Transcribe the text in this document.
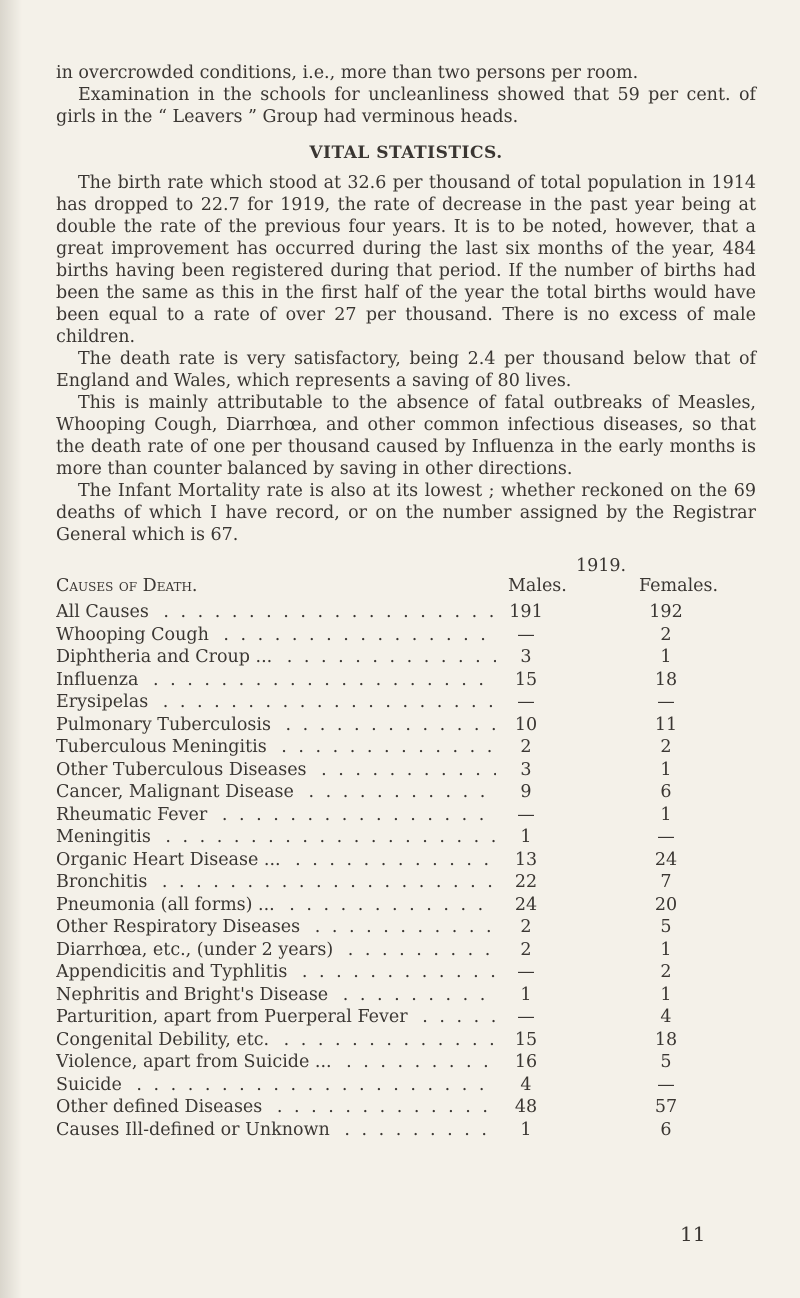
in overcrowded conditions, i.e., more than two persons per room.

Examination in the schools for uncleanliness showed that 59 per cent. of girls in the “ Leavers ” Group had verminous heads.

VITAL STATISTICS.

The birth rate which stood at 32.6 per thousand of total population in 1914 has dropped to 22.7 for 1919, the rate of decrease in the past year being at double the rate of the previous four years. It is to be noted, however, that a great improvement has occurred during the last six months of the year, 484 births having been registered during that period. If the number of births had been the same as this in the first half of the year the total births would have been equal to a rate of over 27 per thousand. There is no excess of male children.

The death rate is very satisfactory, being 2.4 per thousand below that of England and Wales, which represents a saving of 80 lives.

This is mainly attributable to the absence of fatal outbreaks of Measles, Whooping Cough, Diarrhœa, and other common infectious diseases, so that the death rate of one per thousand caused by Influenza in the early months is more than counter balanced by saving in other directions.

The Infant Mortality rate is also at its lowest ; whether reckoned on the 69 deaths of which I have record, or on the number assigned by the Registrar General which is 67.

1919.
Causes of Death.	Males.	Females.
All Causes . . .	191	192
Whooping Cough . . .	—	2
Diphtheria and Croup ... . . .	3	1
Influenza . . .	15	18
Erysipelas . . .	—	—
Pulmonary Tuberculosis . . .	10	11
Tuberculous Meningitis . . .	2	2
Other Tuberculous Diseases . . .	3	1
Cancer, Malignant Disease . . .	9	6
Rheumatic Fever . . .	—	1
Meningitis . . .	1	—
Organic Heart Disease ... . . .	13	24
Bronchitis . . .	22	7
Pneumonia (all forms) ... . . .	24	20
Other Respiratory Diseases . . .	2	5
Diarrhœa, etc., (under 2 years) . . .	2	1
Appendicitis and Typhlitis . . .	—	2
Nephritis and Bright's Disease . . .	1	1
Parturition, apart from Puerperal Fever . . .	—	4
Congenital Debility, etc. . . .	15	18
Violence, apart from Suicide ... . . .	16	5
Suicide . . .	4	—
Other defined Diseases . . .	48	57
Causes Ill-defined or Unknown . . .	1	6
11
